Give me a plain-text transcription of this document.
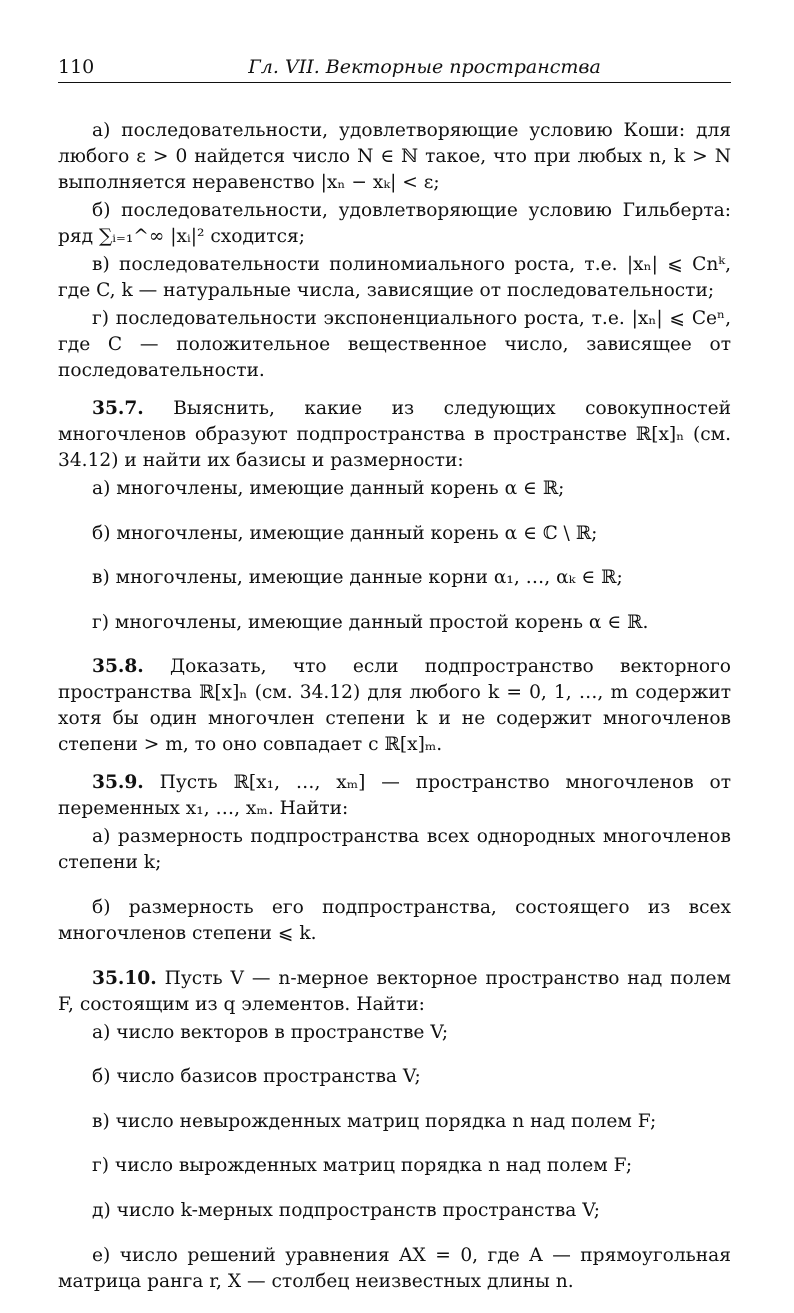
110	Гл. VII. Векторные пространства

а) последовательности, удовлетворяющие условию Коши: для любого ε > 0 найдется число N ∈ ℕ такое, что при любых n, k > N выполняется неравенство |xₙ − xₖ| < ε;

б) последовательности, удовлетворяющие условию Гильберта: ряд ∑ᵢ₌₁^∞ |xᵢ|² сходится;

в) последовательности полиномиального роста, т.е. |xₙ| ⩽ Cnᵏ, где C, k — натуральные числа, зависящие от последовательности;

г) последовательности экспоненциального роста, т.е. |xₙ| ⩽ Ceⁿ, где C — положительное вещественное число, зависящее от последовательности.

35.7. Выяснить, какие из следующих совокупностей многочленов образуют подпространства в пространстве ℝ[x]ₙ (см. 34.12) и найти их базисы и размерности:

а) многочлены, имеющие данный корень α ∈ ℝ;

б) многочлены, имеющие данный корень α ∈ ℂ \ ℝ;

в) многочлены, имеющие данные корни α₁, …, αₖ ∈ ℝ;

г) многочлены, имеющие данный простой корень α ∈ ℝ.

35.8. Доказать, что если подпространство векторного пространства ℝ[x]ₙ (см. 34.12) для любого k = 0, 1, …, m содержит хотя бы один многочлен степени k и не содержит многочленов степени > m, то оно совпадает с ℝ[x]ₘ.

35.9. Пусть ℝ[x₁, …, xₘ] — пространство многочленов от переменных x₁, …, xₘ. Найти:

а) размерность подпространства всех однородных многочленов степени k;

б) размерность его подпространства, состоящего из всех многочленов степени ⩽ k.

35.10. Пусть V — n-мерное векторное пространство над полем F, состоящим из q элементов. Найти:

а) число векторов в пространстве V;

б) число базисов пространства V;

в) число невырожденных матриц порядка n над полем F;

г) число вырожденных матриц порядка n над полем F;

д) число k-мерных подпространств пространства V;

е) число решений уравнения AX = 0, где A — прямоугольная матрица ранга r, X — столбец неизвестных длины n.
